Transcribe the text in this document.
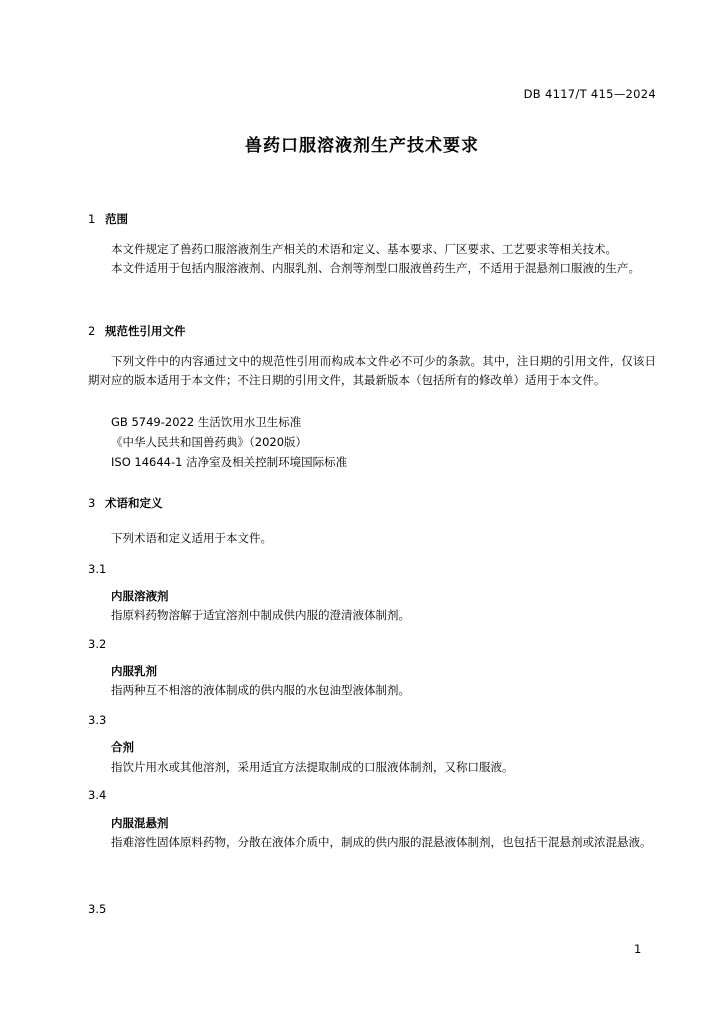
DB 4117/T 415—2024
兽药口服溶液剂生产技术要求
1 范围
本文件规定了兽药口服溶液剂生产相关的术语和定义、基本要求、厂区要求、工艺要求等相关技术。
本文件适用于包括内服溶液剂、内服乳剂、合剂等剂型口服液兽药生产，不适用于混悬剂口服液的生产。
2 规范性引用文件
下列文件中的内容通过文中的规范性引用而构成本文件必不可少的条款。其中，注日期的引用文件，仅该日期对应的版本适用于本文件；不注日期的引用文件，其最新版本（包括所有的修改单）适用于本文件。
GB 5749-2022 生活饮用水卫生标准
《中华人民共和国兽药典》（2020版）
ISO 14644-1 洁净室及相关控制环境国际标准
3 术语和定义
下列术语和定义适用于本文件。
3.1
内服溶液剂
指原料药物溶解于适宜溶剂中制成供内服的澄清液体制剂。
3.2
内服乳剂
指两种互不相溶的液体制成的供内服的水包油型液体制剂。
3.3
合剂
指饮片用水或其他溶剂，采用适宜方法提取制成的口服液体制剂，又称口服液。
3.4
内服混悬剂
指难溶性固体原料药物，分散在液体介质中，制成的供内服的混悬液体制剂，也包括干混悬剂或浓混悬液。
3.5
1
